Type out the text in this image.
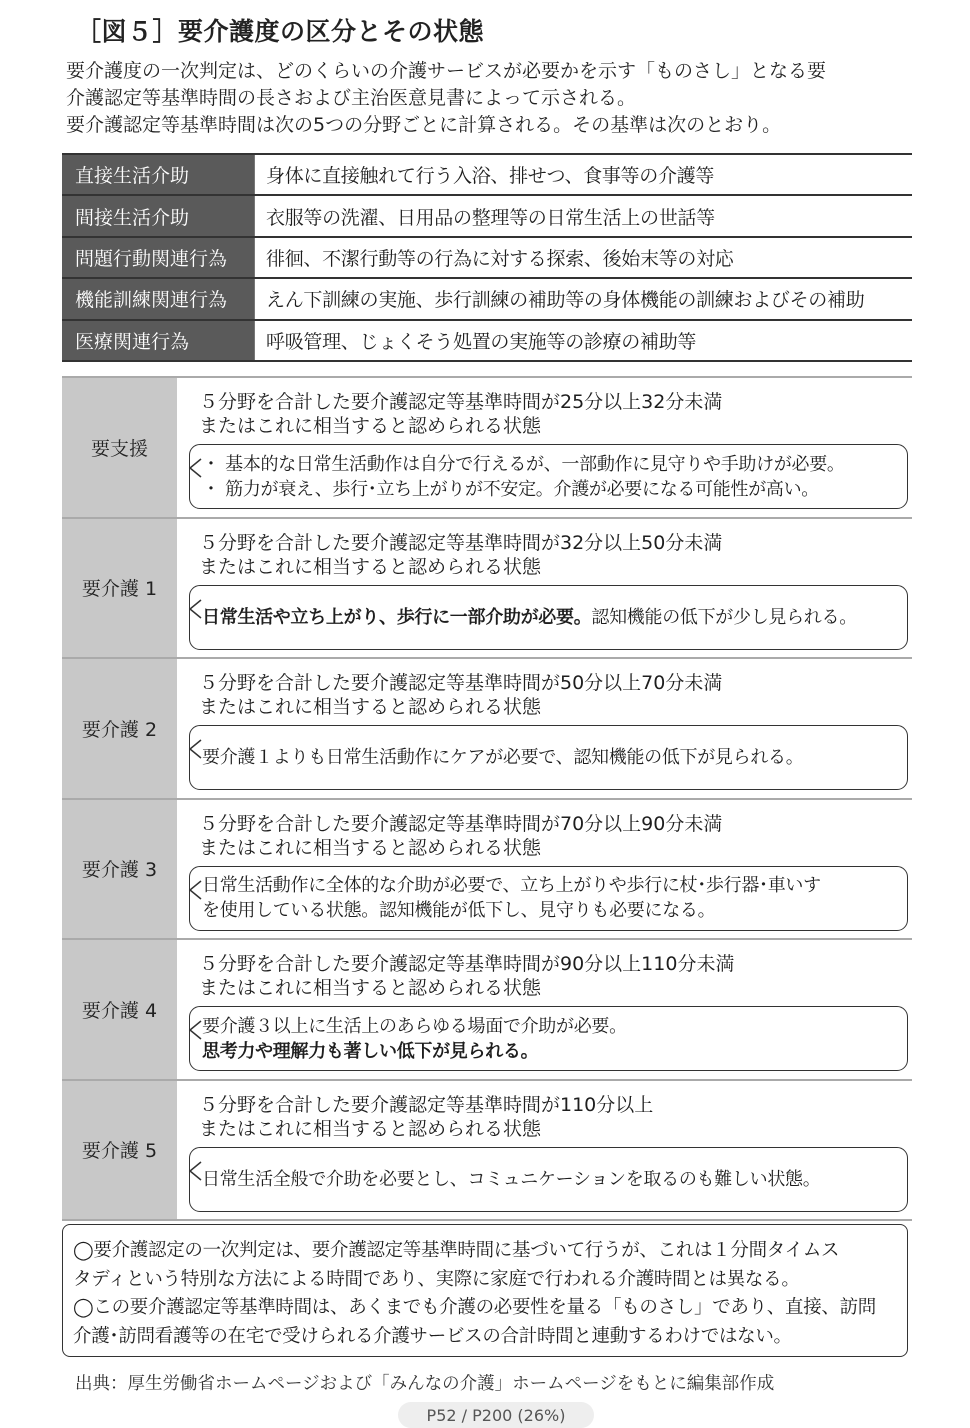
［図５］要介護度の区分とその状態

要介護度の一次判定は、どのくらいの介護サービスが必要かを示す「ものさし」となる要

介護認定等基準時間の長さおよび主治医意見書によって示される。

要介護認定等基準時間は次の5つの分野ごとに計算される。その基準は次のとおり。

直接生活介助	身体に直接触れて行う入浴、排せつ、食事等の介護等
間接生活介助	衣服等の洗濯、日用品の整理等の日常生活上の世話等
問題行動関連行為	徘徊、不潔行動等の行為に対する探索、後始末等の対応
機能訓練関連行為	えん下訓練の実施、歩行訓練の補助等の身体機能の訓練およびその補助
医療関連行為	呼吸管理、じょくそう処置の実施等の診療の補助等
要支援
５分野を合計した要介護認定等基準時間が25分以上32分未満
またはこれに相当すると認められる状態
・ 基本的な日常生活動作は自分で行えるが、一部動作に見守りや手助けが必要。
・ 筋力が衰え、歩行･立ち上がりが不安定。介護が必要になる可能性が高い。
要介護 1
５分野を合計した要介護認定等基準時間が32分以上50分未満
またはこれに相当すると認められる状態
日常生活や立ち上がり、歩行に一部介助が必要。認知機能の低下が少し見られる。
要介護 2
５分野を合計した要介護認定等基準時間が50分以上70分未満
またはこれに相当すると認められる状態
要介護１よりも日常生活動作にケアが必要で、認知機能の低下が見られる。
要介護 3
５分野を合計した要介護認定等基準時間が70分以上90分未満
またはこれに相当すると認められる状態
日常生活動作に全体的な介助が必要で、立ち上がりや歩行に杖･歩行器･車いす
を使用している状態。認知機能が低下し、見守りも必要になる。
要介護 4
５分野を合計した要介護認定等基準時間が90分以上110分未満
またはこれに相当すると認められる状態
要介護３以上に生活上のあらゆる場面で介助が必要。
思考力や理解力も著しい低下が見られる。
要介護 5
５分野を合計した要介護認定等基準時間が110分以上
またはこれに相当すると認められる状態
日常生活全般で介助を必要とし、コミュニケーションを取るのも難しい状態。
◯要介護認定の一次判定は、要介護認定等基準時間に基づいて行うが、これは１分間タイムス
タディという特別な方法による時間であり、実際に家庭で行われる介護時間とは異なる。
◯この要介護認定等基準時間は、あくまでも介護の必要性を量る「ものさし」であり、直接、訪問
介護･訪問看護等の在宅で受けられる介護サービスの合計時間と連動するわけではない。
出典：厚生労働省ホームページおよび「みんなの介護」ホームページをもとに編集部作成
P52 / P200 (26%)
